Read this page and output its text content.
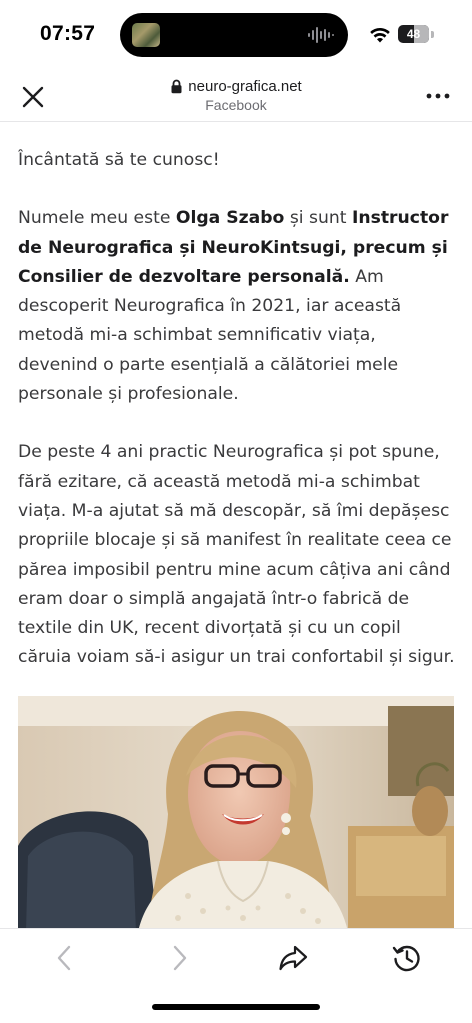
07:57	48
neuro-grafica.net
Facebook

Încântată să te cunosc!

Numele meu este Olga Szabo și sunt Instructor de Neurografica și NeuroKintsugi, precum și Consilier de dezvoltare personală. Am descoperit Neurografica în 2021, iar această metodă mi-a schimbat semnificativ viața, devenind o parte esențială a călătoriei mele personale și profesionale.

De peste 4 ani practic Neurografica și pot spune, fără ezitare, că această metodă mi-a schimbat viața. M-a ajutat să mă descopăr, să îmi depășesc propriile blocaje și să manifest în realitate ceea ce părea imposibil pentru mine acum câțiva ani când eram doar o simplă angajată într-o fabrică de textile din UK, recent divorțată și cu un copil căruia voiam să-i asigur un trai confortabil și sigur.
